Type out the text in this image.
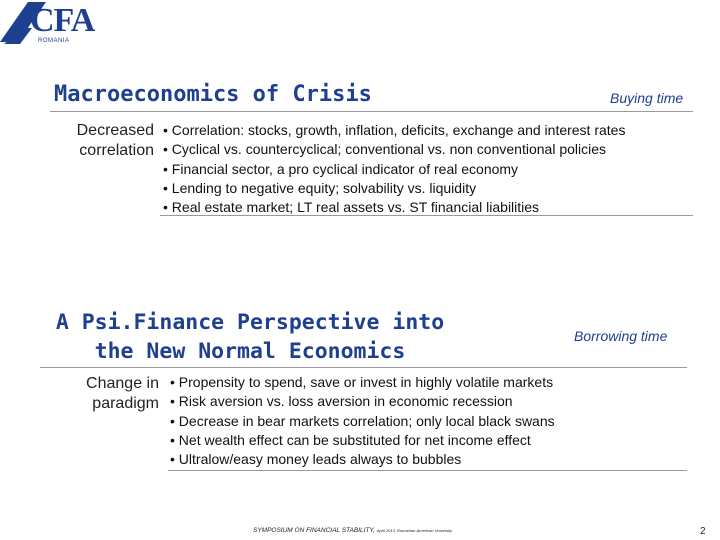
CFA
ROMANIA
Macroeconomics of Crisis	Buying time
Decreased
correlation
• Correlation: stocks, growth, inflation, deficits, exchange and interest rates
• Cyclical vs. countercyclical; conventional vs. non conventional policies
• Financial sector, a pro cyclical indicator of real economy
• Lending to negative equity; solvability vs. liquidity
• Real estate market; LT real assets vs. ST financial liabilities
A Psi.Finance Perspective into
the New Normal Economics
Borrowing time
Change in
paradigm
• Propensity to spend, save or invest in highly volatile markets
• Risk aversion vs. loss aversion in economic recession
• Decrease in bear markets correlation; only local black swans
• Net wealth effect can be substituted for net income effect
• Ultralow/easy money leads always to bubbles
SYMPOSIUM ON FINANCIAL STABILITY, April 2013, Romanian-American University	2
